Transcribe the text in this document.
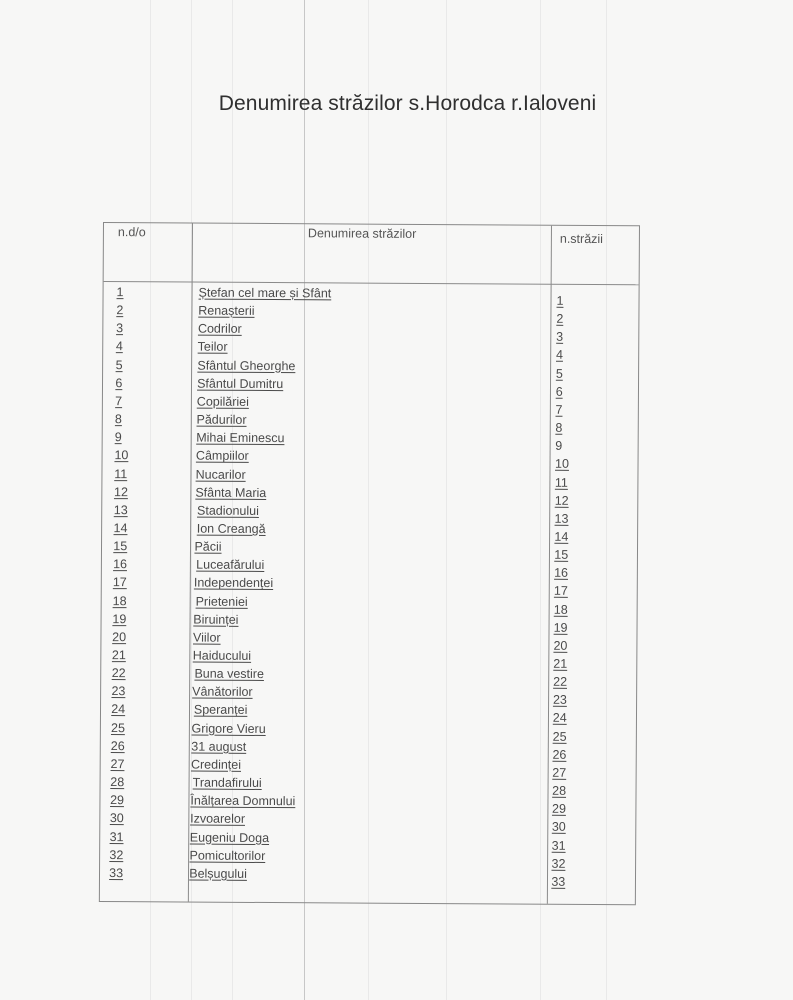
Denumirea străzilor s.Horodca r.Ialoveni
n.d/o	Denumirea străzilor	n.străzii
1
2
3
4
5
6
7
8
9
10
11
12
13
14
15
16
17
18
19
20
21
22
23
24
25
26
27
28
29
30
31
32
33
Ștefan cel mare și Sfânt
Renașterii
Codrilor
Teilor
Sfântul Gheorghe
Sfântul Dumitru
Copilăriei
Pădurilor
Mihai Eminescu
Câmpiilor
Nucarilor
Sfânta Maria
Stadionului
Ion Creangă
Păcii
Luceafărului
Independenței
Prieteniei
Biruinței
Viilor
Haiducului
Buna vestire
Vânătorilor
Speranței
Grigore Vieru
31 august
Credinței
Trandafirului
Înălțarea Domnului
Izvoarelor
Eugeniu Doga
Pomicultorilor
Belșugului
1
2
3
4
5
6
7
8
9
10
11
12
13
14
15
16
17
18
19
20
21
22
23
24
25
26
27
28
29
30
31
32
33
